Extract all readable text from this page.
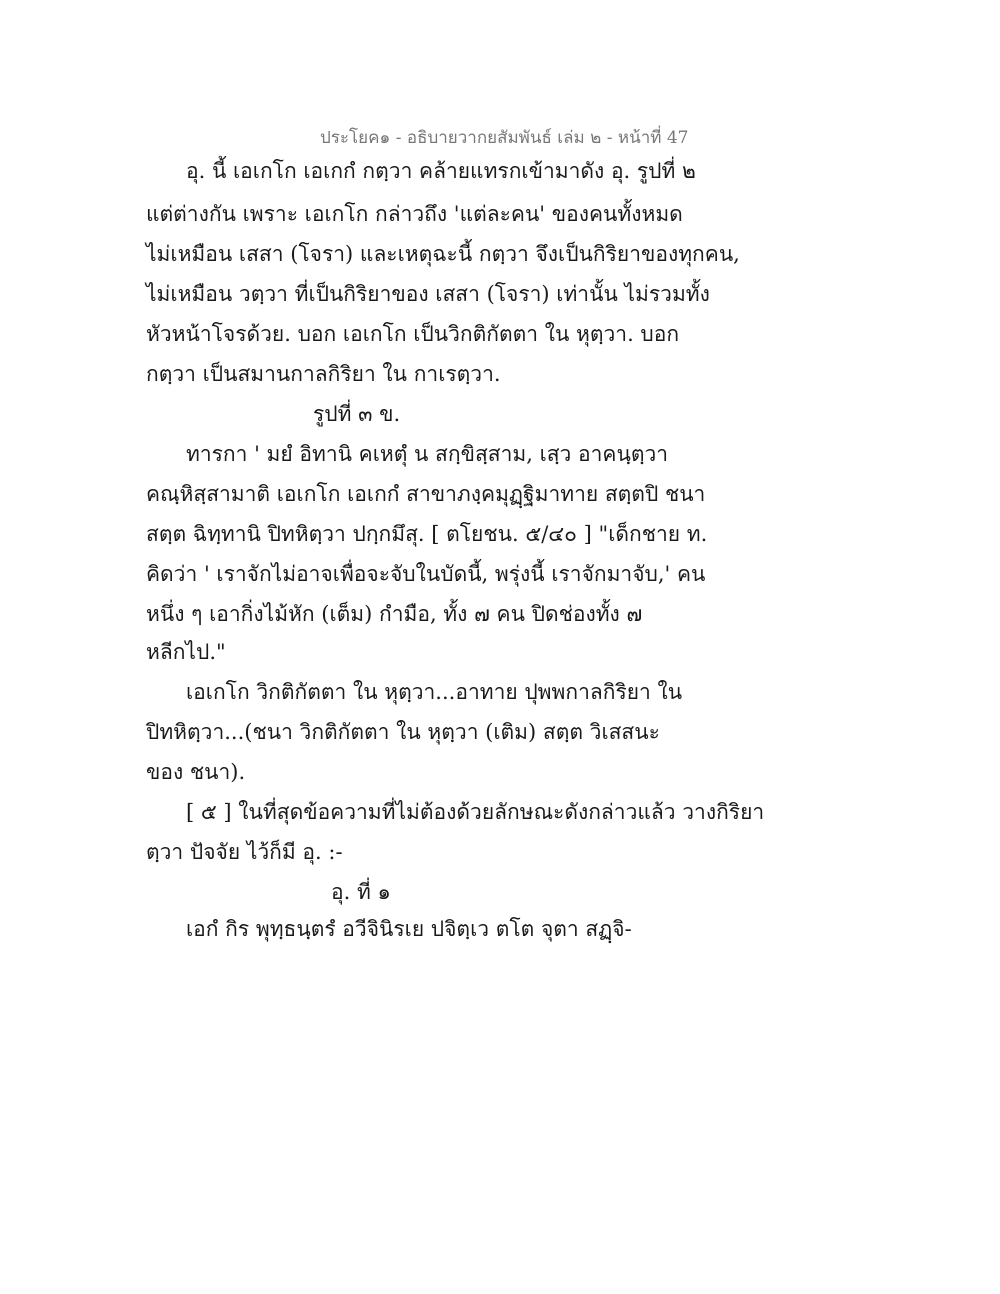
ประโยค๑ - อธิบายวากยสัมพันธ์ เล่ม ๒ - หน้าที่ 47
อุ. นี้ เอเกโก เอเกกํ กตฺวา คล้ายแทรกเข้ามาดัง อุ. รูปที่ ๒
แต่ต่างกัน เพราะ เอเกโก กล่าวถึง 'แต่ละคน' ของคนทั้งหมด
ไม่เหมือน เสสา (โจรา) และเหตุฉะนี้ กตฺวา จึงเป็นกิริยาของทุกคน,
ไม่เหมือน วตฺวา ที่เป็นกิริยาของ เสสา (โจรา) เท่านั้น ไม่รวมทั้ง
หัวหน้าโจรด้วย. บอก เอเกโก เป็นวิกติกัตตา ใน หุตฺวา. บอก
กตฺวา เป็นสมานกาลกิริยา ใน กาเรตฺวา.
รูปที่ ๓ ข.
ทารกา ' มยํ อิทานิ คเหตุํ น สกฺขิสฺสาม, เสฺว อาคนฺตฺวา
คณฺหิสฺสามาติ เอเกโก เอเกกํ สาขาภงฺคมุฏฺฐิมาทาย สตฺตปิ ชนา
สตฺต ฉิทฺทานิ ปิทหิตฺวา ปกฺกมึสุ. [ ตโยชน. ๕/๔๐ ] "เด็กชาย ท.
คิดว่า ' เราจักไม่อาจเพื่อจะจับในบัดนี้, พรุ่งนี้ เราจักมาจับ,' คน
หนึ่ง ๆ เอากิ่งไม้หัก (เต็ม) กำมือ, ทั้ง ๗ คน ปิดช่องทั้ง ๗
หลีกไป."
เอเกโก วิกติกัตตา ใน หุตฺวา...อาทาย ปุพพกาลกิริยา ใน
ปิทหิตฺวา...(ชนา วิกติกัตตา ใน หุตฺวา (เติม) สตฺต วิเสสนะ
ของ ชนา).
[ ๕ ] ในที่สุดข้อความที่ไม่ต้องด้วยลักษณะดังกล่าวแล้ว วางกิริยา
ตฺวา ปัจจัย ไว้ก็มี อุ. :-
อุ. ที่ ๑
เอกํ กิร พุทฺธนฺตรํ อวีจินิรเย ปจิตฺเว ตโต จุตา สฏฺจิ-
